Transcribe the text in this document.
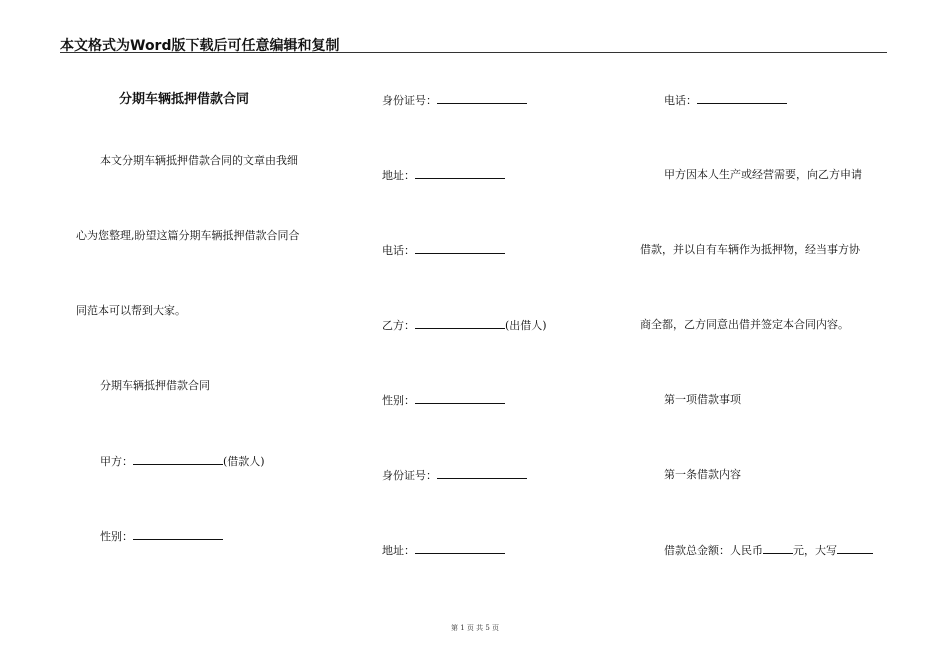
本文格式为Word版下载后可任意编辑和复制
分期车辆抵押借款合同
本文分期车辆抵押借款合同的文章由我细
心为您整理,盼望这篇分期车辆抵押借款合同合
同范本可以帮到大家。
分期车辆抵押借款合同
甲方：	(借款人)
性别：
身份证号：
地址：
电话：
乙方：	(出借人)
性别：
身份证号：
地址：
电话：
甲方因本人生产或经营需要，向乙方申请
借款，并以自有车辆作为抵押物，经当事方协
商全都，乙方同意出借并签定本合同内容。
第一项借款事项
第一条借款内容
借款总金额：人民币	元，大写
第 1 页 共 5 页
